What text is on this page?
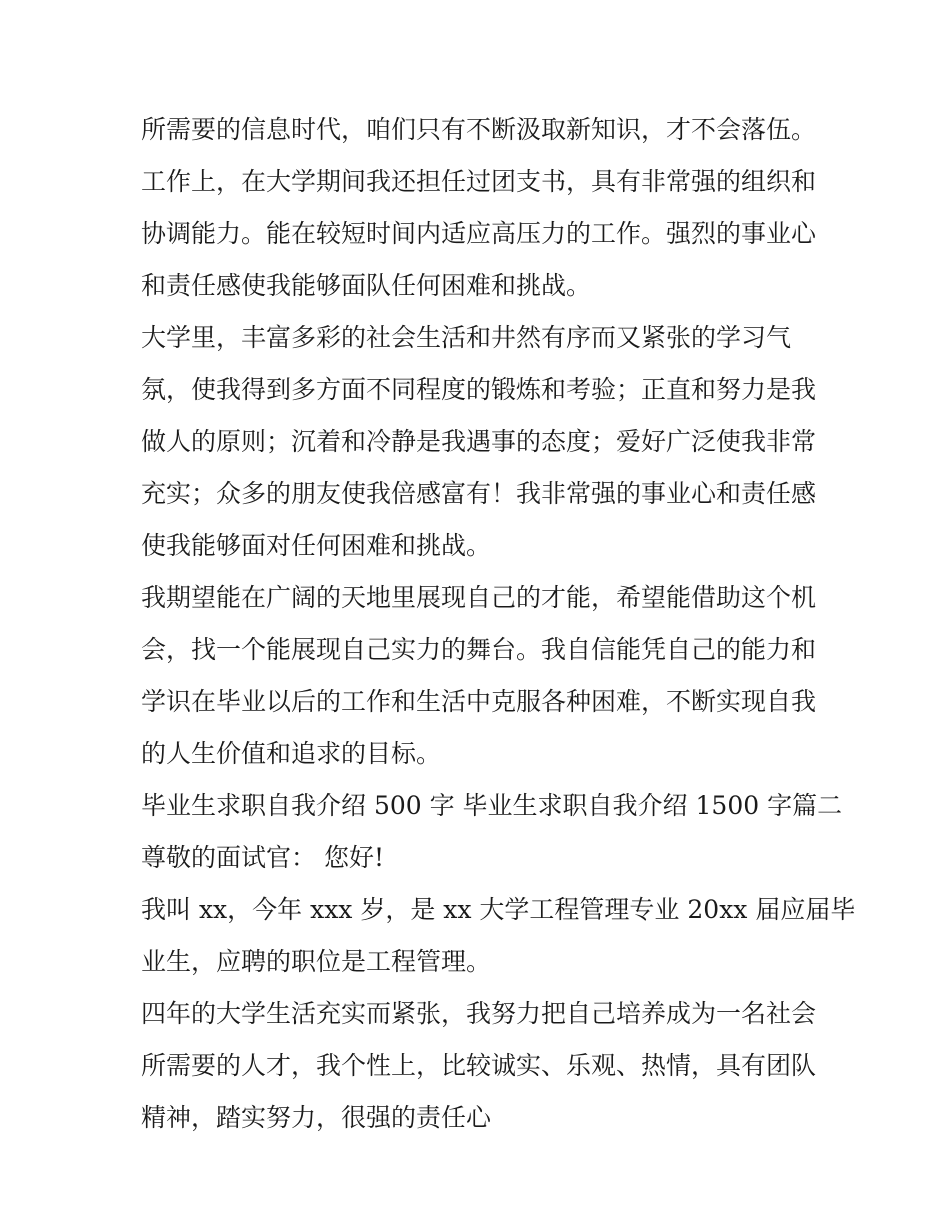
所需要的信息时代，咱们只有不断汲取新知识，才不会落伍。
工作上，在大学期间我还担任过团支书，具有非常强的组织和
协调能力。能在较短时间内适应高压力的工作。强烈的事业心
和责任感使我能够面队任何困难和挑战。
大学里，丰富多彩的社会生活和井然有序而又紧张的学习气
氛，使我得到多方面不同程度的锻炼和考验；正直和努力是我
做人的原则；沉着和冷静是我遇事的态度；爱好广泛使我非常
充实；众多的朋友使我倍感富有！我非常强的事业心和责任感
使我能够面对任何困难和挑战。
我期望能在广阔的天地里展现自己的才能，希望能借助这个机
会，找一个能展现自己实力的舞台。我自信能凭自己的能力和
学识在毕业以后的工作和生活中克服各种困难，不断实现自我
的人生价值和追求的目标。
毕业生求职自我介绍 500 字 毕业生求职自我介绍 1500 字篇二
尊敬的面试官： 您好!
我叫 xx，今年 xxx 岁，是 xx 大学工程管理专业 20xx 届应届毕
业生，应聘的职位是工程管理。
四年的大学生活充实而紧张，我努力把自己培养成为一名社会
所需要的人才，我个性上，比较诚实、乐观、热情，具有团队
精神，踏实努力，很强的责任心
